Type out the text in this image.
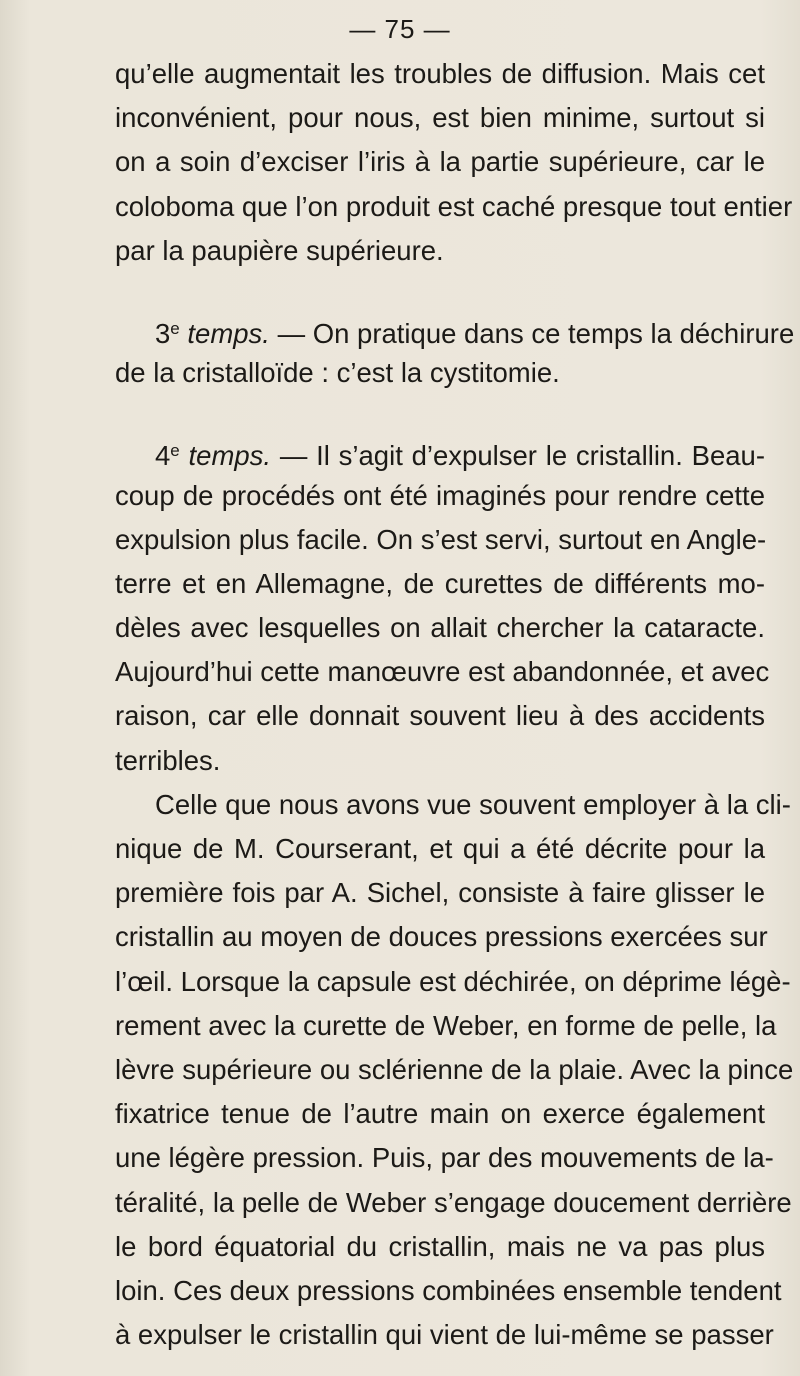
— 75 —
qu’elle augmentait les troubles de diffusion. Mais cet
inconvénient, pour nous, est bien minime, surtout si
on a soin d’exciser l’iris à la partie supérieure, car le
coloboma que l’on produit est caché presque tout entier
par la paupière supérieure.
3e temps. — On pratique dans ce temps la déchirure
de la cristalloïde : c’est la cystitomie.
4e temps. — Il s’agit d’expulser le cristallin. Beau-
coup de procédés ont été imaginés pour rendre cette
expulsion plus facile. On s’est servi, surtout en Angle-
terre et en Allemagne, de curettes de différents mo-
dèles avec lesquelles on allait chercher la cataracte.
Aujourd’hui cette manœuvre est abandonnée, et avec
raison, car elle donnait souvent lieu à des accidents
terribles.
Celle que nous avons vue souvent employer à la cli-
nique de M. Courserant, et qui a été décrite pour la
première fois par A. Sichel, consiste à faire glisser le
cristallin au moyen de douces pressions exercées sur
l’œil. Lorsque la capsule est déchirée, on déprime légè-
rement avec la curette de Weber, en forme de pelle, la
lèvre supérieure ou sclérienne de la plaie. Avec la pince
fixatrice tenue de l’autre main on exerce également
une légère pression. Puis, par des mouvements de la-
téralité, la pelle de Weber s’engage doucement derrière
le bord équatorial du cristallin, mais ne va pas plus
loin. Ces deux pressions combinées ensemble tendent
à expulser le cristallin qui vient de lui-même se passer
